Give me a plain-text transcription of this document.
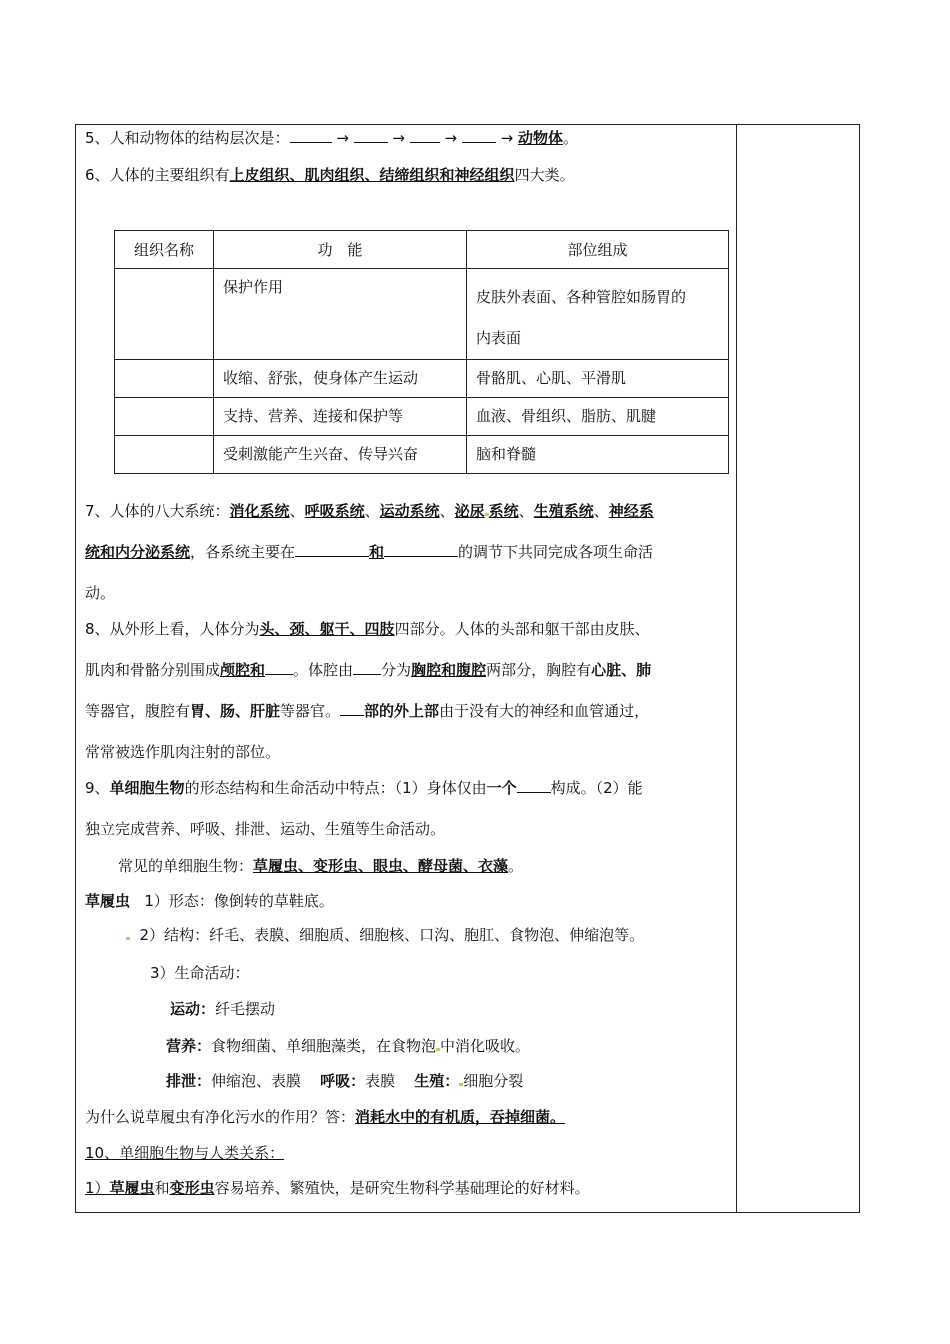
5、人和动物体的结构层次是：	→  →  →  → 动物体。
6、人体的主要组织有上皮组织、肌肉组织、结缔组织和神经组织四大类。
组织名称	功　能	部位组成
	保护作用	皮肤外表面、各种管腔如肠胃的
内表面
	收缩、舒张，使身体产生运动	骨骼肌、心肌、平滑肌
	支持、营养、连接和保护等	血液、骨组织、脂肪、肌腱
	受刺激能产生兴奋、传导兴奋	脑和脊髓
7、人体的八大系统：消化系统、呼吸系统、运动系统、泌尿 系统、生殖系统、神经系
统和内分泌系统，各系统主要在	和	的调节下共同完成各项生命活
动。
8、从外形上看，人体分为头、颈、躯干、四肢四部分。人体的头部和躯干部由皮肤、
肌肉和骨骼分别围成颅腔和 。体腔由 分为胸腔和腹腔两部分，胸腔有心脏、肺
等器官，腹腔有胃、肠、肝脏等器官。 部的外上部由于没有大的神经和血管通过，
常常被选作肌肉注射的部位。
9、单细胞生物的形态结构和生命活动中特点：（1）身体仅由一个 构成。（2）能
独立完成营养、呼吸、排泄、运动、生殖等生命活动。
常见的单细胞生物：草履虫、变形虫、眼虫、酵母菌、衣藻。
草履虫 1）形态：像倒转的草鞋底。
2）结构：纤毛、表膜、细胞质、细胞核、口沟、胞肛、食物泡、伸缩泡等。
3）生命活动：
运动：纤毛摆动
营养：食物细菌、单细胞藻类，在食物泡 中消化吸收。
排泄：伸缩泡、表膜 呼吸：表膜 生殖： 细胞分裂
为什么说草履虫有净化污水的作用？答：消耗水中的有机质，吞掉细菌。
10、单细胞生物与人类关系：
1）草履虫和变形虫容易培养、繁殖快，是研究生物科学基础理论的好材料。
